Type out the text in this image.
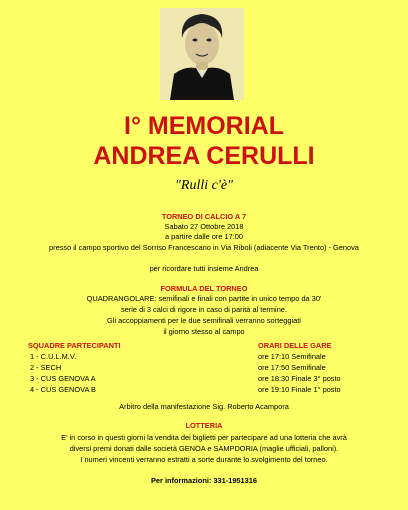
I° MEMORIAL
ANDREA CERULLI
"Rulli c'è"
TORNEO DI CALCIO A 7
Sabato 27 Ottobre 2018
a partire dalle ore 17:00
presso il campo sportivo del Sorriso Francescano in Via Riboli (adiacente Via Trento) - Genova
per ricordare tutti insieme Andrea
FORMULA DEL TORNEO
QUADRANGOLARE: semifinali e finali con partite in unico tempo da 30'
serie di 3 calci di rigore in caso di parità al termine.
Gli accoppiamenti per le due semifinali verranno sorteggiati
il giorno stesso al campo
SQUADRE PARTECIPANTI
1 - C.U.L.M.V.
2 - SECH
3 - CUS GENOVA A
4 - CUS GENOVA B
ORARI DELLE GARE
ore 17:10 Semifinale
ore 17:50 Semifinale
ore 18:30 Finale 3° posto
ore 19:10 Finale 1° posto
Arbitro della manifestazione Sig. Roberto Acampora
LOTTERIA
E' in corso in questi giorni la vendita dei biglietti per partecipare ad una lotteria che avrà
diversi premi donati dalle società GENOA e SAMPDORIA (maglie ufficiali, palloni).
I numeri vincenti verranno estratti a sorte durante lo svolgimento del torneo.
Per informazioni: 331-1951316
